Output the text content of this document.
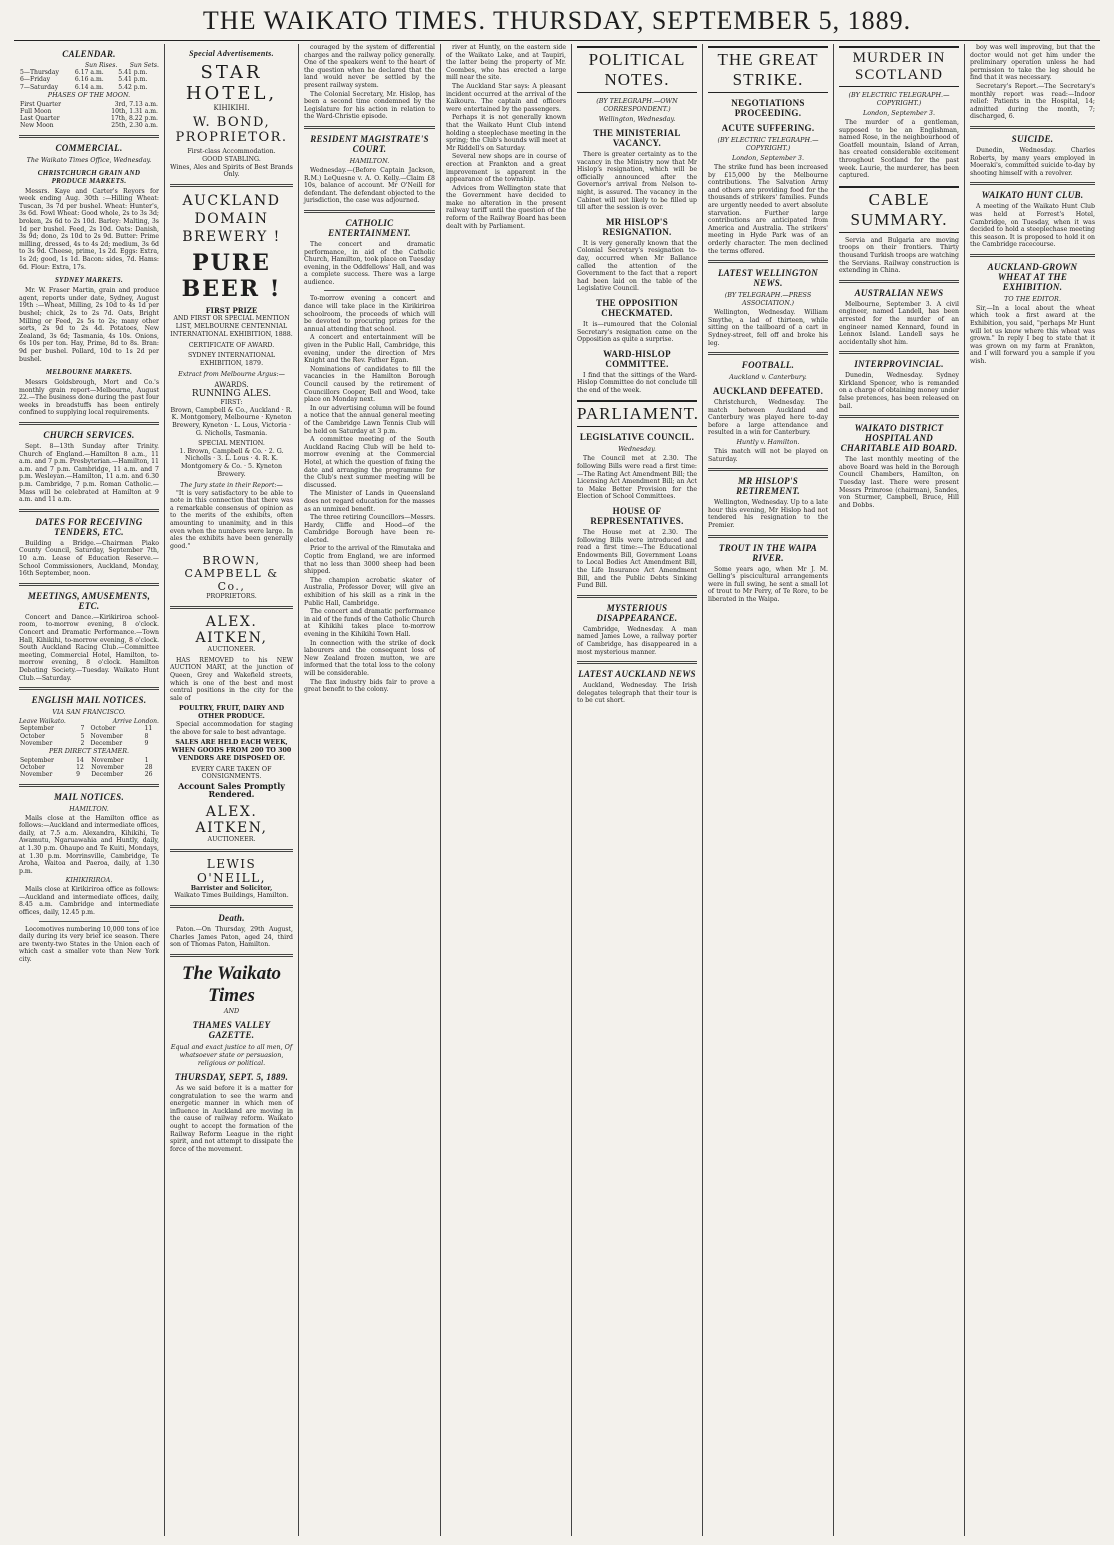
THE WAIKATO TIMES. THURSDAY, SEPTEMBER 5, 1889.
CALENDAR.
	Sun Rises.	Sun Sets.
5—Thursday	6.17 a.m.	5.41 p.m.
6—Friday	6.16 a.m.	5.41 p.m.
7—Saturday	6.14 a.m.	5.42 p.m.
PHASES OF THE MOON.
First Quarter	3rd, 7.13 a.m.
Full Moon	10th, 1.31 a.m.
Last Quarter	17th, 8.22 p.m.
New Moon	25th, 2.30 a.m.
COMMERCIAL.
The Waikato Times Office, Wednesday.
CHRISTCHURCH GRAIN AND PRODUCE MARKETS.

Messrs. Kaye and Carter's Reyors for week ending Aug. 30th :—Hilling Wheat: Tuscan, 3s 7d per bushel. Wheat: Hunter's, 3s 6d. Fowl Wheat: Good whole, 2s to 3s 3d; broken, 2s 6d to 2s 10d. Barley: Malting, 3s 1d per bushel. Feed, 2s 10d. Oats: Danish, 3s 9d; dono, 2s 10d to 2s 9d. Butter: Prime milling, dressed, 4s to 4s 2d; medium, 3s 6d to 3s 9d. Cheese, prime, 1s 2d. Eggs: Extra, 1s 2d; good, 1s 1d. Bacon: sides, 7d. Hams: 6d. Flour: Extra, 17s.

SYDNEY MARKETS.

Mr. W. Fraser Martin, grain and produce agent, reports under date, Sydney, August 19th :—Wheat, Milling, 2s 10d to 4s 1d per bushel; chick, 2s to 2s 7d. Oats, Bright Milling or Feed, 2s 5s to 2s; many other sorts, 2s 9d to 2s 4d. Potatoes, New Zealand, 3s 6d; Tasmania, 4s 10s. Onions, 6s 10s per ton. Hay, Prime, 8d to 8s. Bran: 9d per bushel. Pollard, 10d to 1s 2d per bushel.

MELBOURNE MARKETS.

Messrs Goldsbrough, Mort and Co.'s monthly grain report—Melbourne, August 22.—The business done during the past four weeks in breadstuffs has been entirely confined to supplying local requirements.

CHURCH SERVICES.

Sept. 8—13th Sunday after Trinity. Church of England.—Hamilton 8 a.m., 11 a.m. and 7 p.m. Presbyterian.—Hamilton, 11 a.m. and 7 p.m. Cambridge, 11 a.m. and 7 p.m. Wesleyan.—Hamilton, 11 a.m. and 6.30 p.m. Cambridge, 7 p.m. Roman Catholic.—Mass will be celebrated at Hamilton at 9 a.m. and 11 a.m.

DATES FOR RECEIVING TENDERS, ETC.

Building a Bridge.—Chairman Piako County Council, Saturday, September 7th, 10 a.m. Lease of Education Reserve.—School Commissioners, Auckland, Monday, 16th September, noon.

MEETINGS, AMUSEMENTS, ETC.

Concert and Dance.—Kirikiriroa school-room, to-morrow evening, 8 o'clock. Concert and Dramatic Performance.—Town Hall, Kihikihi, to-morrow evening, 8 o'clock. South Auckland Racing Club.—Committee meeting, Commercial Hotel, Hamilton, to-morrow evening, 8 o'clock. Hamilton Debating Society.—Tuesday. Waikato Hunt Club.—Saturday.

ENGLISH MAIL NOTICES.
VIA SAN FRANCISCO.
Leave Waikato.		Arrive London.	
September	7	October	11
October	5	November	8
November	2	December	9
PER DIRECT STEAMER.
September	14	November	1
October	12	November	28
November	9	December	26
MAIL NOTICES.
HAMILTON.

Mails close at the Hamilton office as follows:—Auckland and intermediate offices, daily, at 7.5 a.m. Alexandra, Kihikihi, Te Awamutu, Ngaruawahia and Huntly, daily, at 1.30 p.m. Ohaupo and Te Kuiti, Mondays, at 1.30 p.m. Morrinsville, Cambridge, Te Aroha, Waitoa and Paeroa, daily, at 1.30 p.m.

KIHIKIRIROA.

Mails close at Kirikiriroa office as follows:—Auckland and intermediate offices, daily, 8.45 a.m. Cambridge and intermediate offices, daily, 12.45 p.m.

Locomotives numbering 10,000 tons of ice daily during its very brief ice season. There are twenty-two States in the Union each of which cast a smaller vote than New York city.

Special Advertisements.
STAR HOTEL,
KIHIKIHI.
W. BOND, PROPRIETOR.
First-class Accommodation.
GOOD STABLING.
Wines, Ales and Spirits of Best Brands Only.
AUCKLAND DOMAIN BREWERY !
PURE BEER !
FIRST PRIZE
AND FIRST OR SPECIAL MENTION LIST, MELBOURNE CENTENNIAL INTERNATIONAL EXHIBITION, 1888.
CERTIFICATE OF AWARD.
SYDNEY INTERNATIONAL EXHIBITION, 1879.
Extract from Melbourne Argus:—
AWARDS.
RUNNING ALES.
FIRST:
Brown, Campbell & Co., Auckland · R. K. Montgomery, Melbourne · Kyneton Brewery, Kyneton · L. Lous, Victoria · G. Nicholls, Tasmania.
SPECIAL MENTION.
1. Brown, Campbell & Co. · 2. G. Nicholls · 3. L. Lous · 4. R. K. Montgomery & Co. · 5. Kyneton Brewery.
The Jury state in their Report:—

"It is very satisfactory to be able to note in this connection that there was a remarkable consensus of opinion as to the merits of the exhibits, often amounting to unanimity, and in this even when the numbers were large. In ales the exhibits have been generally good."

BROWN, CAMPBELL & Co.,
PROPRIETORS.
ALEX. AITKEN,
AUCTIONEER.

HAS REMOVED to his NEW AUCTION MART, at the junction of Queen, Grey and Wakefield streets, which is one of the best and most central positions in the city for the sale of

POULTRY, FRUIT, DAIRY AND OTHER PRODUCE.

Special accommodation for staging the above for sale to best advantage.

SALES ARE HELD EACH WEEK, WHEN GOODS FROM 200 TO 300 VENDORS ARE DISPOSED OF.
EVERY CARE TAKEN OF CONSIGNMENTS.
Account Sales Promptly Rendered.
ALEX. AITKEN,
AUCTIONEER.
LEWIS O'NEILL,
Barrister and Solicitor,
Waikato Times Buildings, Hamilton.
Death.

Paton.—On Thursday, 29th August, Charles James Paton, aged 24, third son of Thomas Paton, Hamilton.

The Waikato Times
AND
THAMES VALLEY GAZETTE.
Equal and exact justice to all men, Of whatsoever state or persuasion, religious or political.
THURSDAY, SEPT. 5, 1889.

As we said before it is a matter for congratulation to see the warm and energetic manner in which men of influence in Auckland are moving in the cause of railway reform. Waikato ought to accept the formation of the Railway Reform League in the right spirit, and not attempt to dissipate the force of the movement.

couraged by the system of differential charges and the railway policy generally. One of the speakers went to the heart of the question when he declared that the land would never be settled by the present railway system.

The Colonial Secretary, Mr. Hislop, has been a second time condemned by the Legislature for his action in relation to the Ward-Christie episode.

RESIDENT MAGISTRATE'S COURT.
HAMILTON.

Wednesday.—(Before Captain Jackson, R.M.) LeQuesne v. A. O. Kelly.—Claim £8 10s, balance of account. Mr O'Neill for defendant. The defendant objected to the jurisdiction, the case was adjourned.

CATHOLIC ENTERTAINMENT.

The concert and dramatic performance, in aid of the Catholic Church, Hamilton, took place on Tuesday evening, in the Oddfellows' Hall, and was a complete success. There was a large audience.

To-morrow evening a concert and dance will take place in the Kirikiriroa schoolroom, the proceeds of which will be devoted to procuring prizes for the annual attending that school.

A concert and entertainment will be given in the Public Hall, Cambridge, this evening, under the direction of Mrs Knight and the Rev. Father Egan.

Nominations of candidates to fill the vacancies in the Hamilton Borough Council caused by the retirement of Councillors Cooper, Bell and Wood, take place on Monday next.

In our advertising column will be found a notice that the annual general meeting of the Cambridge Lawn Tennis Club will be held on Saturday at 3 p.m.

A committee meeting of the South Auckland Racing Club will be held to-morrow evening at the Commercial Hotel, at which the question of fixing the date and arranging the programme for the Club's next summer meeting will be discussed.

The Minister of Lands in Queensland does not regard education for the masses as an unmixed benefit.

The three retiring Councillors—Messrs. Hardy, Cliffe and Hood—of the Cambridge Borough have been re-elected.

Prior to the arrival of the Rimutaka and Coptic from England, we are informed that no less than 3000 sheep had been shipped.

The champion acrobatic skater of Australia, Professor Dover, will give an exhibition of his skill as a rink in the Public Hall, Cambridge.

The concert and dramatic performance in aid of the funds of the Catholic Church at Kihikihi takes place to-morrow evening in the Kihikihi Town Hall.

In connection with the strike of dock labourers and the consequent loss of New Zealand frozen mutton, we are informed that the total loss to the colony will be considerable.

The flax industry bids fair to prove a great benefit to the colony.

river at Huntly, on the eastern side of the Waikato Lake, and at Taupiri, the latter being the property of Mr. Coombes, who has erected a large mill near the site.

The Auckland Star says: A pleasant incident occurred at the arrival of the Kaikoura. The captain and officers were entertained by the passengers.

Perhaps it is not generally known that the Waikato Hunt Club intend holding a steeplechase meeting in the spring; the Club's hounds will meet at Mr Riddell's on Saturday.

Several new shops are in course of erection at Frankton and a great improvement is apparent in the appearance of the township.

Advices from Wellington state that the Government have decided to make no alteration in the present railway tariff until the question of the reform of the Railway Board has been dealt with by Parliament.

POLITICAL NOTES.
(BY TELEGRAPH.—OWN CORRESPONDENT.)
Wellington, Wednesday.
THE MINISTERIAL VACANCY.

There is greater certainty as to the vacancy in the Ministry now that Mr Hislop's resignation, which will be officially announced after the Governor's arrival from Nelson to-night, is assured. The vacancy in the Cabinet will not likely to be filled up till after the session is over.

MR HISLOP'S RESIGNATION.

It is very generally known that the Colonial Secretary's resignation to-day, occurred when Mr Ballance called the attention of the Government to the fact that a report had been laid on the table of the Legislative Council.

THE OPPOSITION CHECKMATED.

It is—rumoured that the Colonial Secretary's resignation came on the Opposition as quite a surprise.

WARD-HISLOP COMMITTEE.

I find that the sittings of the Ward-Hislop Committee do not conclude till the end of the week.

PARLIAMENT.
LEGISLATIVE COUNCIL.
Wednesday.

The Council met at 2.30. The following Bills were read a first time:—The Rating Act Amendment Bill; the Licensing Act Amendment Bill; an Act to Make Better Provision for the Election of School Committees.

HOUSE OF REPRESENTATIVES.

The House met at 2.30. The following Bills were introduced and read a first time:—The Educational Endowments Bill, Government Loans to Local Bodies Act Amendment Bill, the Life Insurance Act Amendment Bill, and the Public Debts Sinking Fund Bill.

MYSTERIOUS DISAPPEARANCE.

Cambridge, Wednesday. A man named James Lowe, a railway porter of Cambridge, has disappeared in a most mysterious manner.

LATEST AUCKLAND NEWS

Auckland, Wednesday. The Irish delegates telegraph that their tour is to be cut short.

THE GREAT STRIKE.
NEGOTIATIONS PROCEEDING.
ACUTE SUFFERING.
(BY ELECTRIC TELEGRAPH.—COPYRIGHT.)
London, September 3.

The strike fund has been increased by £15,000 by the Melbourne contributions. The Salvation Army and others are providing food for the thousands of strikers' families. Funds are urgently needed to avert absolute starvation. Further large contributions are anticipated from America and Australia. The strikers' meeting in Hyde Park was of an orderly character. The men declined the terms offered.

LATEST WELLINGTON NEWS.
(BY TELEGRAPH.—PRESS ASSOCIATION.)

Wellington, Wednesday. William Smythe, a lad of thirteen, while sitting on the tailboard of a cart in Sydney-street, fell off and broke his leg.

FOOTBALL.
Auckland v. Canterbury.
AUCKLAND DEFEATED.

Christchurch, Wednesday. The match between Auckland and Canterbury was played here to-day before a large attendance and resulted in a win for Canterbury.

Huntly v. Hamilton.

This match will not be played on Saturday.

MR HISLOP'S RETIREMENT.

Wellington, Wednesday. Up to a late hour this evening, Mr Hislop had not tendered his resignation to the Premier.

TROUT IN THE WAIPA RIVER.

Some years ago, when Mr J. M. Gelling's piscicultural arrangements were in full swing, he sent a small lot of trout to Mr Perry, of Te Rore, to be liberated in the Waipa.

MURDER IN SCOTLAND
(BY ELECTRIC TELEGRAPH.—COPYRIGHT.)
London, September 3.

The murder of a gentleman, supposed to be an Englishman, named Rose, in the neighbourhood of Goatfell mountain, Island of Arran, has created considerable excitement throughout Scotland for the past week. Laurie, the murderer, has been captured.

CABLE SUMMARY.

Servia and Bulgaria are moving troops on their frontiers. Thirty thousand Turkish troops are watching the Servians. Railway construction is extending in China.

AUSTRALIAN NEWS

Melbourne, September 3. A civil engineer, named Landell, has been arrested for the murder of an engineer named Kennard, found in Lennox Island. Landell says he accidentally shot him.

INTERPROVINCIAL.

Dunedin, Wednesday. Sydney Kirkland Spencer, who is remanded on a charge of obtaining money under false pretences, has been released on bail.

WAIKATO DISTRICT HOSPITAL AND CHARITABLE AID BOARD.

The last monthly meeting of the above Board was held in the Borough Council Chambers, Hamilton, on Tuesday last. There were present Messrs Primrose (chairman), Sandes, von Sturmer, Campbell, Bruce, Hill and Dobbs.

boy was well improving, but that the doctor would not get him under the preliminary operation unless he had permission to take the leg should he find that it was necessary.

Secretary's Report.—The Secretary's monthly report was read:—Indoor relief: Patients in the Hospital, 14; admitted during the month, 7; discharged, 6.

SUICIDE.

Dunedin, Wednesday. Charles Roberts, by many years employed in Moeraki's, committed suicide to-day by shooting himself with a revolver.

WAIKATO HUNT CLUB.

A meeting of the Waikato Hunt Club was held at Forrest's Hotel, Cambridge, on Tuesday, when it was decided to hold a steeplechase meeting this season. It is proposed to hold it on the Cambridge racecourse.

AUCKLAND-GROWN WHEAT AT THE EXHIBITION.
TO THE EDITOR.

Sir,—In a local about the wheat which took a first award at the Exhibition, you said, "perhaps Mr Hunt will let us know where this wheat was grown." In reply I beg to state that it was grown on my farm at Frankton, and I will forward you a sample if you wish.
